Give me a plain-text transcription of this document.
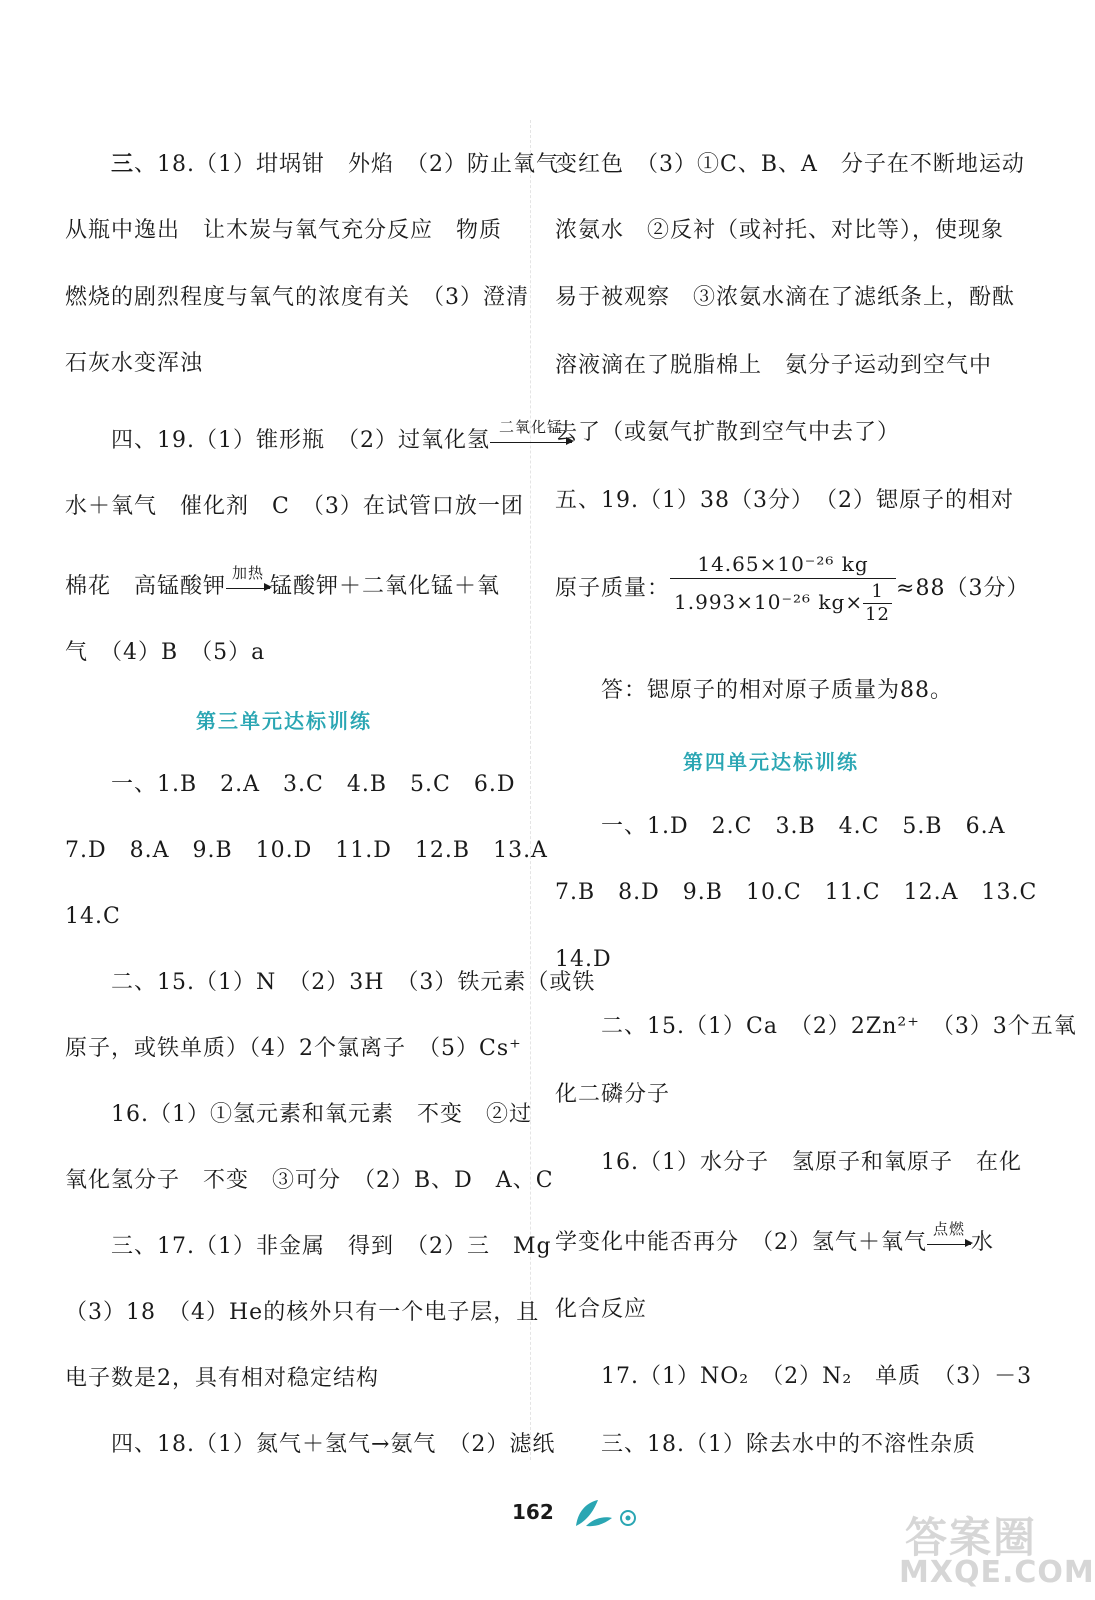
三、18.（1）坩埚钳　外焰　（2）防止氧气
从瓶中逸出　让木炭与氧气充分反应　物质
燃烧的剧烈程度与氧气的浓度有关　（3）澄清
石灰水变浑浊
四、19.（1）锥形瓶　（2）过氧化氢
二氧化锰
水＋氧气　催化剂　C　（3）在试管口放一团
棉花　高锰酸钾
加热
锰酸钾＋二氧化锰＋氧
气　（4）B　（5）a
第三单元达标训练
一、1.B　2.A　3.C　4.B　5.C　6.D
7.D　8.A　9.B　10.D　11.D　12.B　13.A
14.C
二、15.（1）N　（2）3H　（3）铁元素（或铁
原子，或铁单质）（4）2个氯离子　（5）Cs⁺
16.（1）①氢元素和氧元素　不变　②过
氧化氢分子　不变　③可分　（2）B、D　A、C
三、17.（1）非金属　得到　（2）三　Mg
（3）18　（4）He的核外只有一个电子层，且
电子数是2，具有相对稳定结构
四、18.（1）氮气＋氢气→氨气　（2）滤纸
变红色　（3）①C、B、A　分子在不断地运动
浓氨水　②反衬（或衬托、对比等），使现象
易于被观察　③浓氨水滴在了滤纸条上，酚酞
溶液滴在了脱脂棉上　氨分子运动到空气中
去了（或氨气扩散到空气中去了）
五、19.（1）38（3分）　（2）锶原子的相对
原子质量： $\frac{\text{14.65×10⁻²⁶ kg}}{1.993\times 10^{-26} kg\times \frac{1}{12}} \approx 88(3$分）
答：锶原子的相对原子质量为88。
第四单元达标训练
一、1.D　2.C　3.B　4.C　5.B　6.A
7.B　8.D　9.B　10.C　11.C　12.A　13.C
14.D
二、15.（1）Ca　（2）2Zn²⁺　（3）3个五氧
化二磷分子
16.（1）水分子　氢原子和氧原子　在化
学变化中能否再分　（2）氢气＋氧气
点燃
水
化合反应
17.（1）NO₂　（2）N₂　单质　（3）－3
三、18.（1）除去水中的不溶性杂质
162
答案圈
MXQE.COM
